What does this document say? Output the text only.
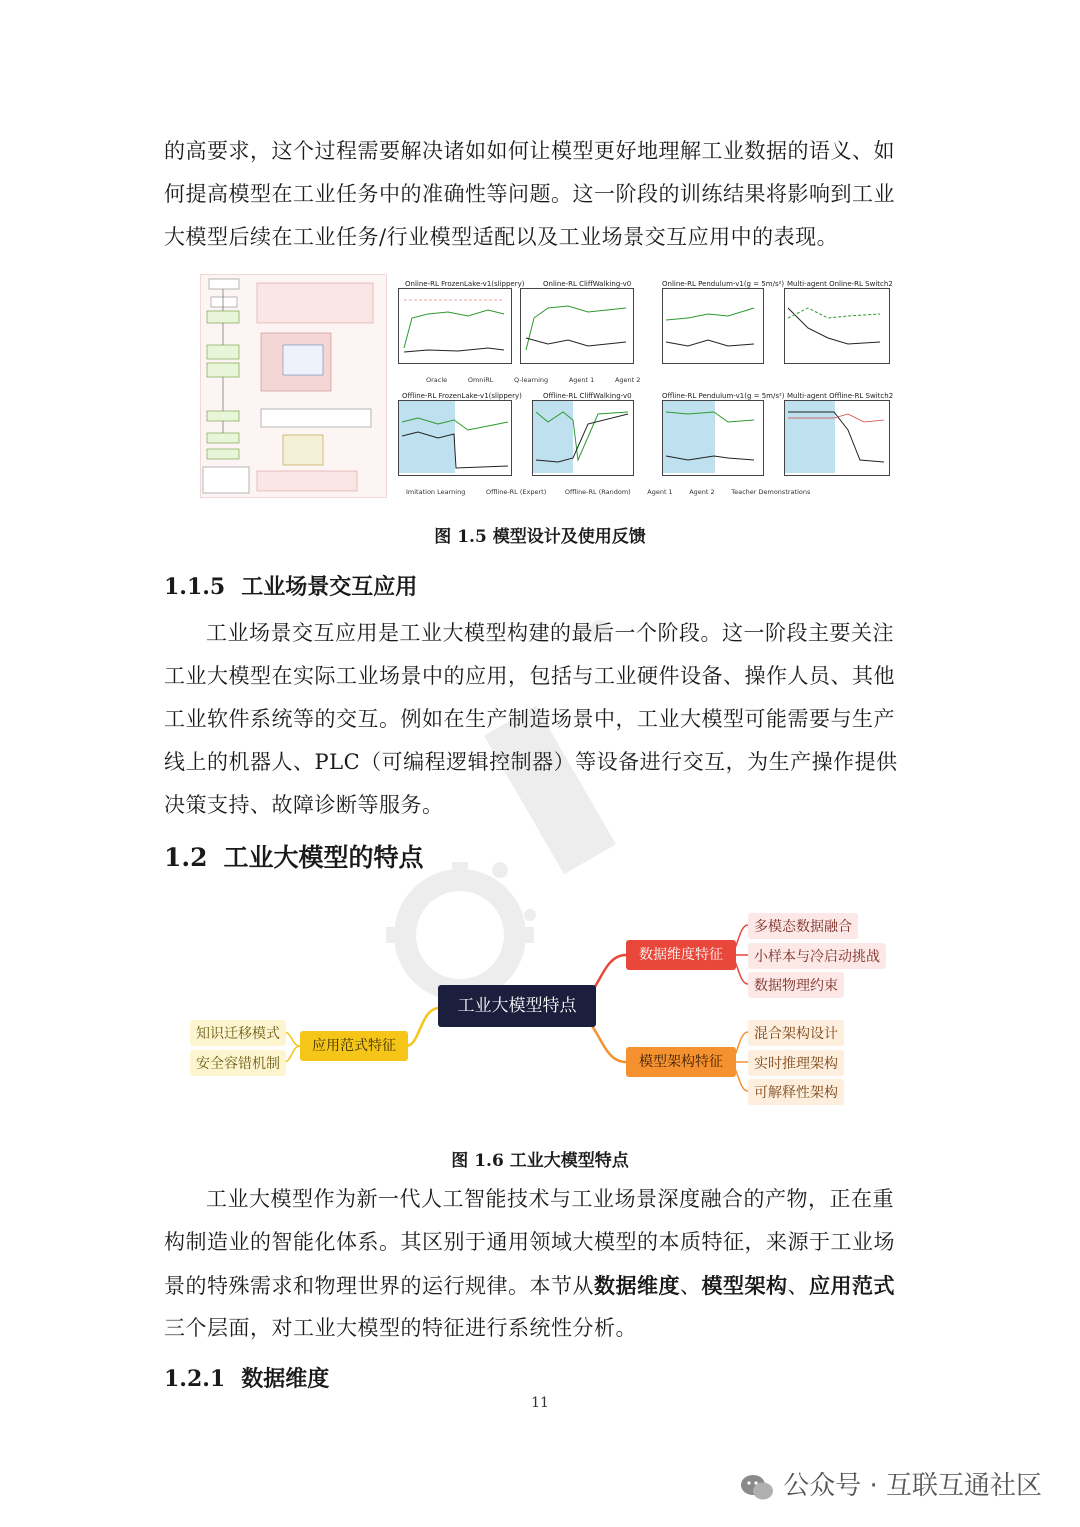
的高要求，这个过程需要解决诸如如何让模型更好地理解工业数据的语义、如
何提高模型在工业任务中的准确性等问题。这一阶段的训练结果将影响到工业
大模型后续在工业任务/行业模型适配以及工业场景交互应用中的表现。
Online-RL FrozenLake-v1(slippery)	Online-RL CliffWalking-v0	Online-RL Pendulum-v1(g = 5m/s²) Multi-agent Online-RL Switch2
Oracle	OmniRL	Q-learning	Agent 1	Agent 2
Offline-RL FrozenLake-v1(slippery)	Offline-RL CliffWalking-v0	Offline-RL Pendulum-v1(g = 5m/s²) Multi-agent Offline-RL Switch2
Imitation Learning	Offline-RL (Expert)	Offline-RL (Random)	Agent 1	Agent 2	Teacher Demonstrations
图 1.5 模型设计及使用反馈
1.1.5 工业场景交互应用
工业场景交互应用是工业大模型构建的最后一个阶段。这一阶段主要关注
工业大模型在实际工业场景中的应用，包括与工业硬件设备、操作人员、其他
工业软件系统等的交互。例如在生产制造场景中，工业大模型可能需要与生产
线上的机器人、PLC（可编程逻辑控制器）等设备进行交互，为生产操作提供
决策支持、故障诊断等服务。
1.2 工业大模型的特点
工业大模型特点
数据维度特征
多模态数据融合
小样本与冷启动挑战
数据物理约束
模型架构特征
混合架构设计
实时推理架构
可解释性架构
应用范式特征
知识迁移模式
安全容错机制
图 1.6 工业大模型特点
工业大模型作为新一代人工智能技术与工业场景深度融合的产物，正在重
构制造业的智能化体系。其区别于通用领域大模型的本质特征，来源于工业场
景的特殊需求和物理世界的运行规律。本节从数据维度、模型架构、应用范式
三个层面，对工业大模型的特征进行系统性分析。
1.2.1 数据维度
11
公众号 · 互联互通社区
